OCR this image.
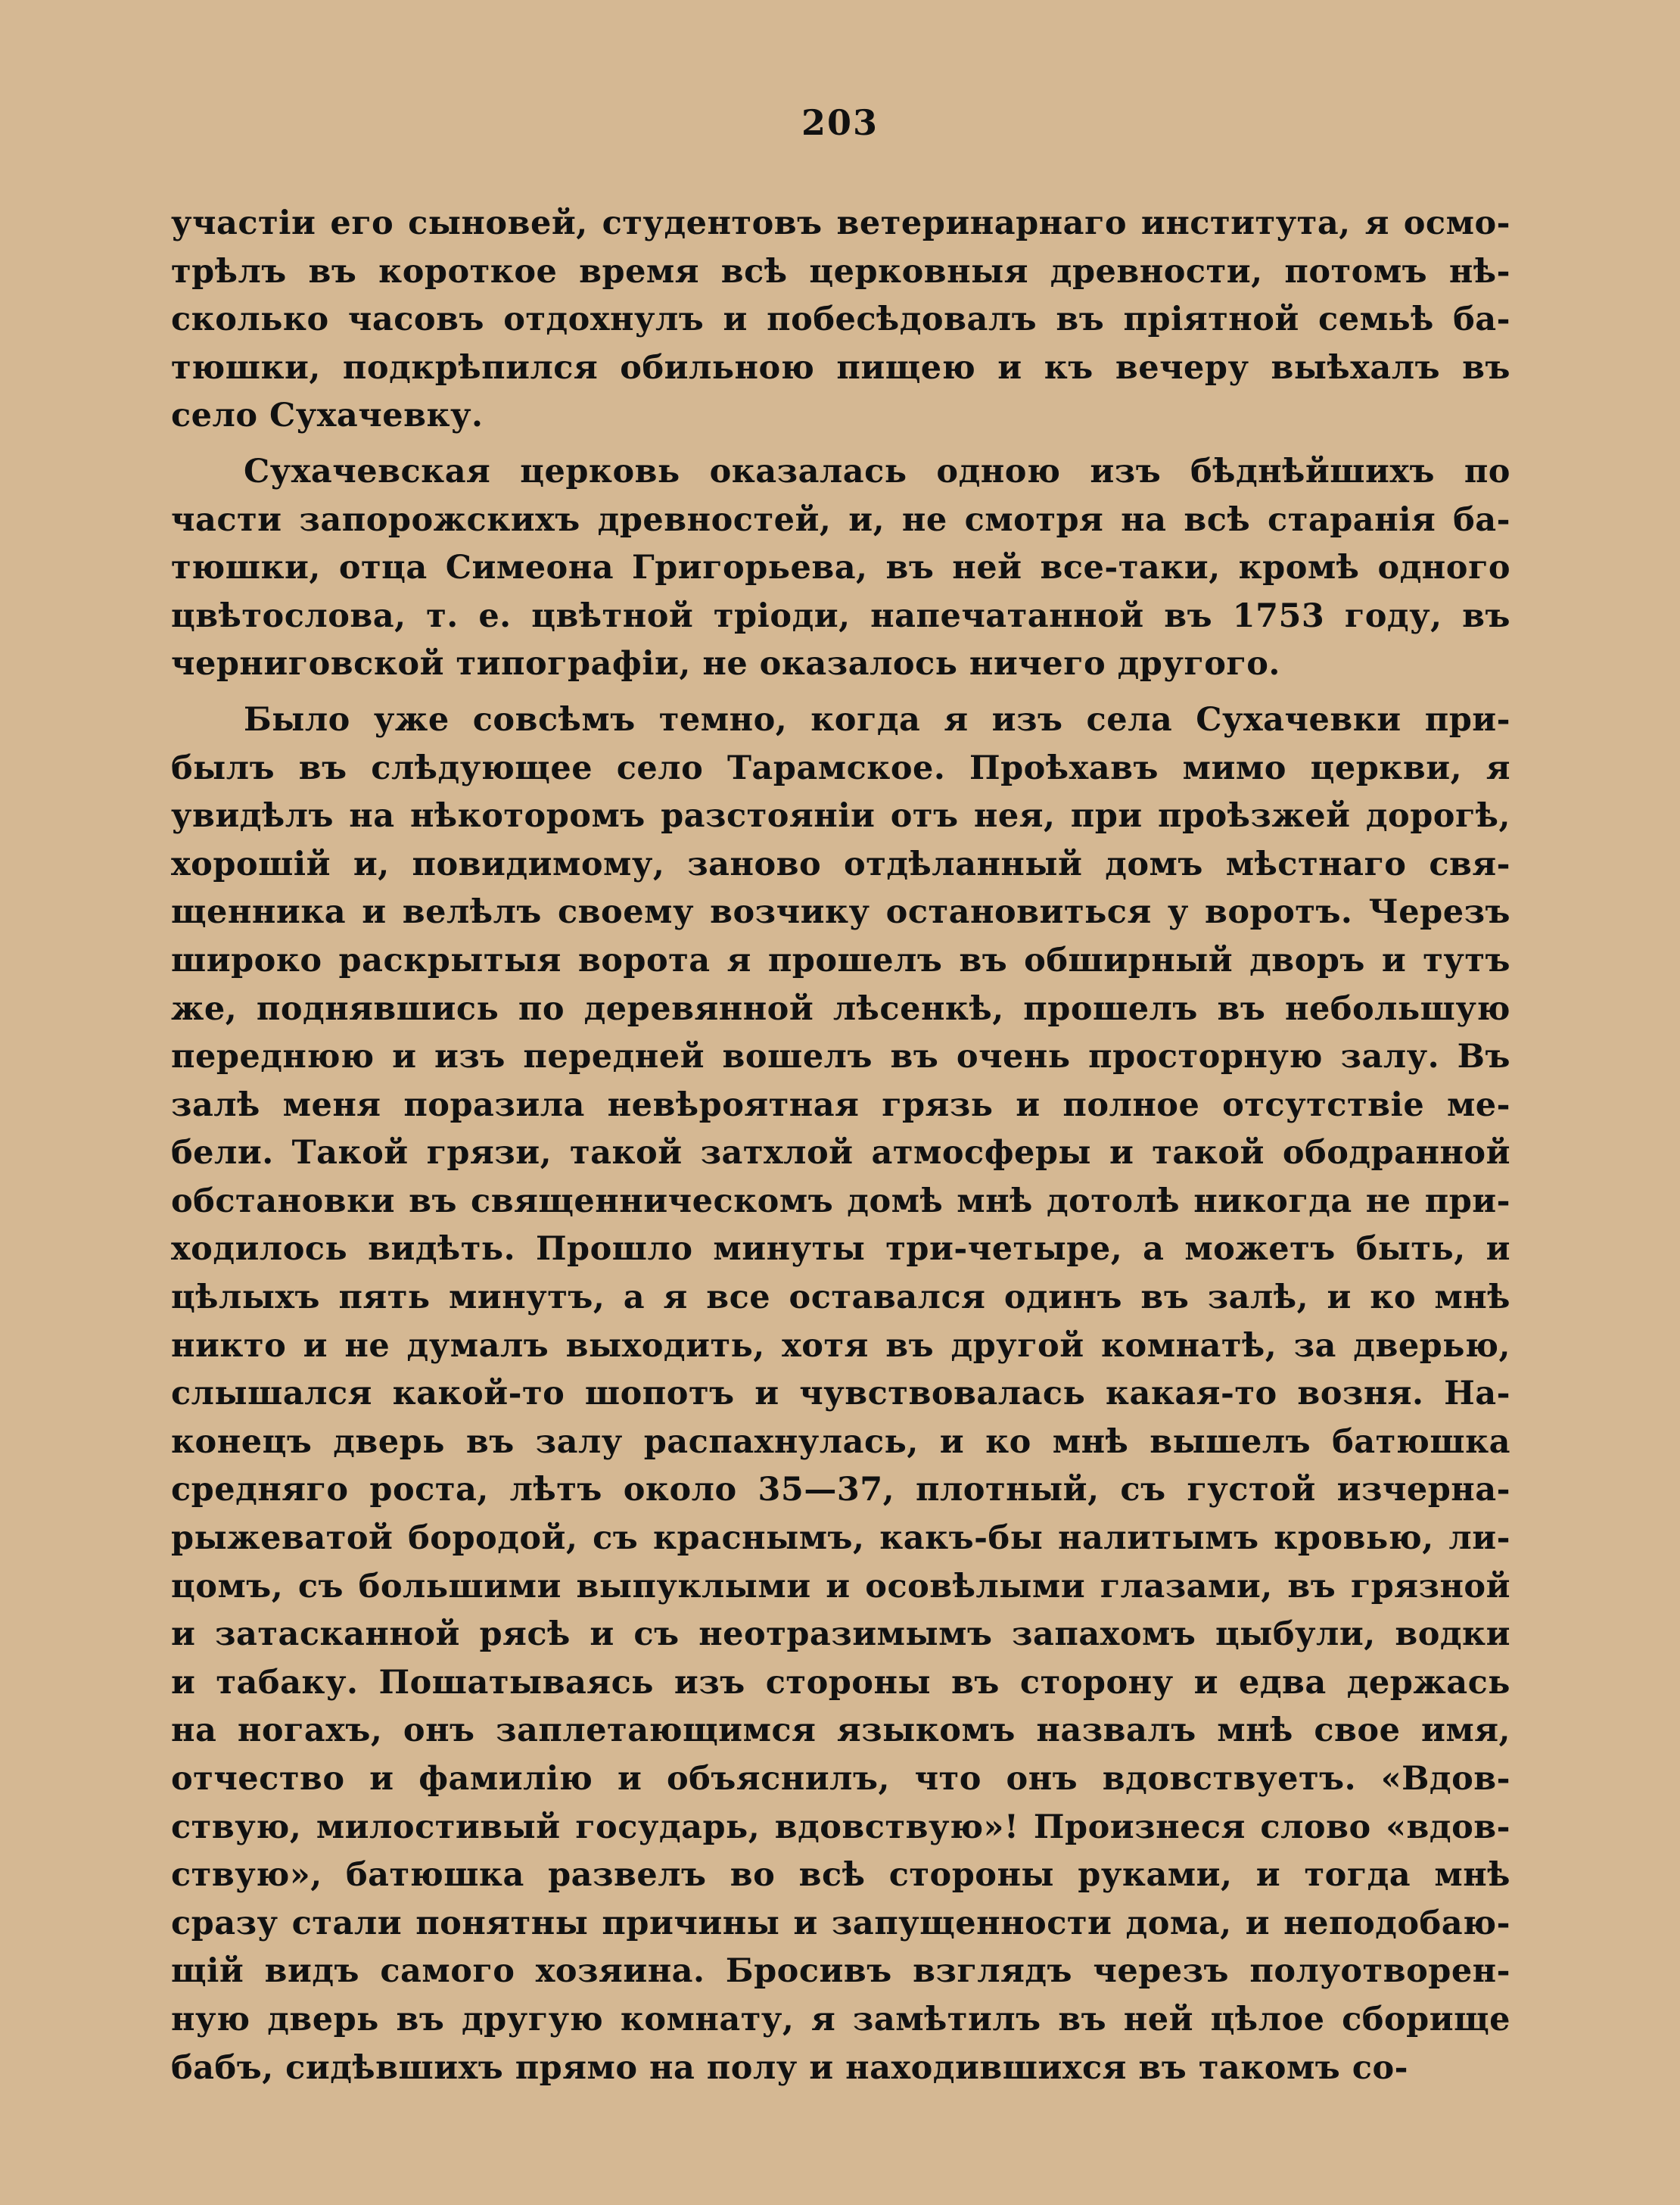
203
участіи его сыновей, студентовъ ветеринарнаго института, я осмо-
трѣлъ въ короткое время всѣ церковныя древности, потомъ нѣ-
сколько часовъ отдохнулъ и побесѣдовалъ въ пріятной семьѣ ба-
тюшки, подкрѣпился обильною пищею и къ вечеру выѣхалъ въ
село Сухачевку.
Сухачевская церковь оказалась одною изъ бѣднѣйшихъ по
части запорожскихъ древностей, и, не смотря на всѣ старанія ба-
тюшки, отца Симеона Григорьева, въ ней все-таки, кромѣ одного
цвѣтослова, т. е. цвѣтной тріоди, напечатанной въ 1753 году, въ
черниговской типографіи, не оказалось ничего другого.
Было уже совсѣмъ темно, когда я изъ села Сухачевки при-
былъ въ слѣдующее село Тарамское. Проѣхавъ мимо церкви, я
увидѣлъ на нѣкоторомъ разстояніи отъ нея, при проѣзжей дорогѣ,
хорошій и, повидимому, заново отдѣланный домъ мѣстнаго свя-
щенника и велѣлъ своему возчику остановиться у воротъ. Черезъ
широко раскрытыя ворота я прошелъ въ обширный дворъ и тутъ
же, поднявшись по деревянной лѣсенкѣ, прошелъ въ небольшую
переднюю и изъ передней вошелъ въ очень просторную залу. Въ
залѣ меня поразила невѣроятная грязь и полное отсутствіе ме-
бели. Такой грязи, такой затхлой атмосферы и такой ободранной
обстановки въ священническомъ домѣ мнѣ дотолѣ никогда не при-
ходилось видѣть. Прошло минуты три-четыре, а можетъ быть, и
цѣлыхъ пять минутъ, а я все оставался одинъ въ залѣ, и ко мнѣ
никто и не думалъ выходить, хотя въ другой комнатѣ, за дверью,
слышался какой-то шопотъ и чувствовалась какая-то возня. На-
конецъ дверь въ залу распахнулась, и ко мнѣ вышелъ батюшка
средняго роста, лѣтъ около 35—37, плотный, съ густой изчерна-
рыжеватой бородой, съ краснымъ, какъ-бы налитымъ кровью, ли-
цомъ, съ большими выпуклыми и осовѣлыми глазами, въ грязной
и затасканной рясѣ и съ неотразимымъ запахомъ цыбули, водки
и табаку. Пошатываясь изъ стороны въ сторону и едва держась
на ногахъ, онъ заплетающимся языкомъ назвалъ мнѣ свое имя,
отчество и фамилію и объяснилъ, что онъ вдовствуетъ. «Вдов-
ствую, милостивый государь, вдовствую»! Произнеся слово «вдов-
ствую», батюшка развелъ во всѣ стороны руками, и тогда мнѣ
сразу стали понятны причины и запущенности дома, и неподобаю-
щій видъ самого хозяина. Бросивъ взглядъ черезъ полуотворен-
ную дверь въ другую комнату, я замѣтилъ въ ней цѣлое сборище
бабъ, сидѣвшихъ прямо на полу и находившихся въ такомъ со-
